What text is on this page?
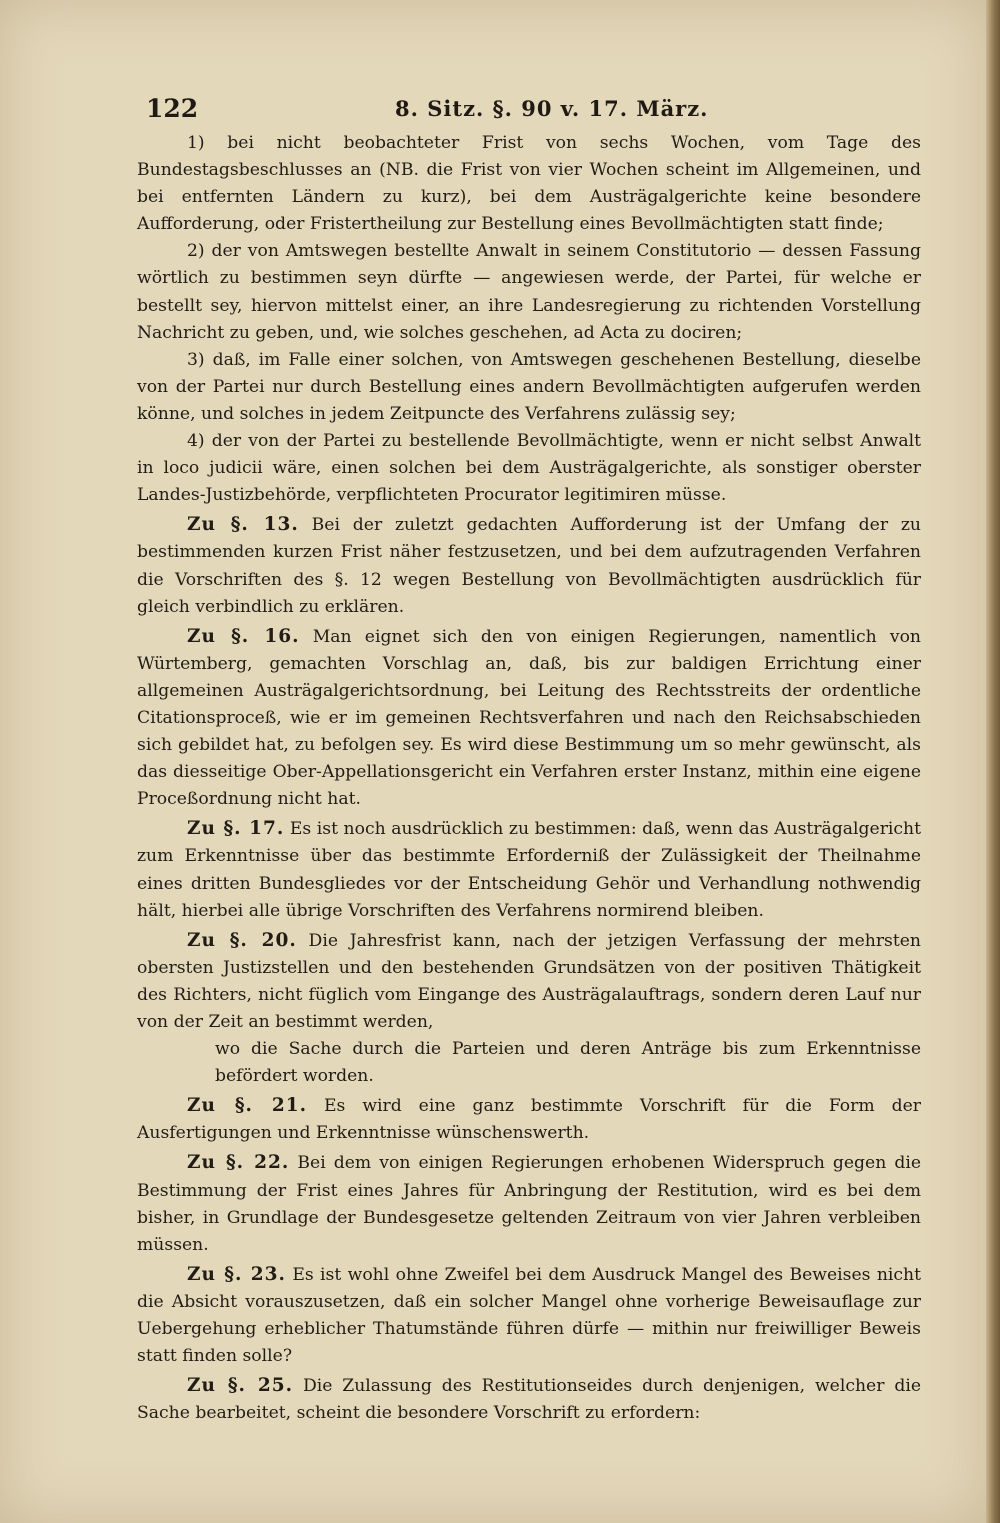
122	8. Sitz. §. 90 v. 17. März.

1) bei nicht beobachteter Frist von sechs Wochen, vom Tage des Bundestagsbeschlusses an (NB. die Frist von vier Wochen scheint im Allgemeinen, und bei entfernten Ländern zu kurz), bei dem Austrägalgerichte keine besondere Aufforderung, oder Fristertheilung zur Bestellung eines Bevollmächtigten statt finde;

2) der von Amtswegen bestellte Anwalt in seinem Constitutorio — dessen Fassung wörtlich zu bestimmen seyn dürfte — angewiesen werde, der Partei, für welche er bestellt sey, hiervon mittelst einer, an ihre Landesregierung zu richtenden Vorstellung Nachricht zu geben, und, wie solches geschehen, ad Acta zu dociren;

3) daß, im Falle einer solchen, von Amtswegen geschehenen Bestellung, dieselbe von der Partei nur durch Bestellung eines andern Bevollmächtigten aufgerufen werden könne, und solches in jedem Zeitpuncte des Verfahrens zulässig sey;

4) der von der Partei zu bestellende Bevollmächtigte, wenn er nicht selbst Anwalt in loco judicii wäre, einen solchen bei dem Austrägalgerichte, als sonstiger oberster Landes-Justizbehörde, verpflichteten Procurator legitimiren müsse.

Zu §. 13. Bei der zuletzt gedachten Aufforderung ist der Umfang der zu bestimmenden kurzen Frist näher festzusetzen, und bei dem aufzutragenden Verfahren die Vorschriften des §. 12 wegen Bestellung von Bevollmächtigten ausdrücklich für gleich verbindlich zu erklären.

Zu §. 16. Man eignet sich den von einigen Regierungen, namentlich von Würtemberg, gemachten Vorschlag an, daß, bis zur baldigen Errichtung einer allgemeinen Austrägalgerichtsordnung, bei Leitung des Rechtsstreits der ordentliche Citationsproceß, wie er im gemeinen Rechtsverfahren und nach den Reichsabschieden sich gebildet hat, zu befolgen sey. Es wird diese Bestimmung um so mehr gewünscht, als das diesseitige Ober-Appellationsgericht ein Verfahren erster Instanz, mithin eine eigene Proceßordnung nicht hat.

Zu §. 17. Es ist noch ausdrücklich zu bestimmen: daß, wenn das Austrägalgericht zum Erkenntnisse über das bestimmte Erforderniß der Zulässigkeit der Theilnahme eines dritten Bundesgliedes vor der Entscheidung Gehör und Verhandlung nothwendig hält, hierbei alle übrige Vorschriften des Verfahrens normirend bleiben.

Zu §. 20. Die Jahresfrist kann, nach der jetzigen Verfassung der mehrsten obersten Justizstellen und den bestehenden Grundsätzen von der positiven Thätigkeit des Richters, nicht füglich vom Eingange des Austrägalauftrags, sondern deren Lauf nur von der Zeit an bestimmt werden,

wo die Sache durch die Parteien und deren Anträge bis zum Erkenntnisse befördert worden.

Zu §. 21. Es wird eine ganz bestimmte Vorschrift für die Form der Ausfertigungen und Erkenntnisse wünschenswerth.

Zu §. 22. Bei dem von einigen Regierungen erhobenen Widerspruch gegen die Bestimmung der Frist eines Jahres für Anbringung der Restitution, wird es bei dem bisher, in Grundlage der Bundesgesetze geltenden Zeitraum von vier Jahren verbleiben müssen.

Zu §. 23. Es ist wohl ohne Zweifel bei dem Ausdruck Mangel des Beweises nicht die Absicht vorauszusetzen, daß ein solcher Mangel ohne vorherige Beweisauflage zur Uebergehung erheblicher Thatumstände führen dürfe — mithin nur freiwilliger Beweis statt finden solle?

Zu §. 25. Die Zulassung des Restitutionseides durch denjenigen, welcher die Sache bearbeitet, scheint die besondere Vorschrift zu erfordern:
